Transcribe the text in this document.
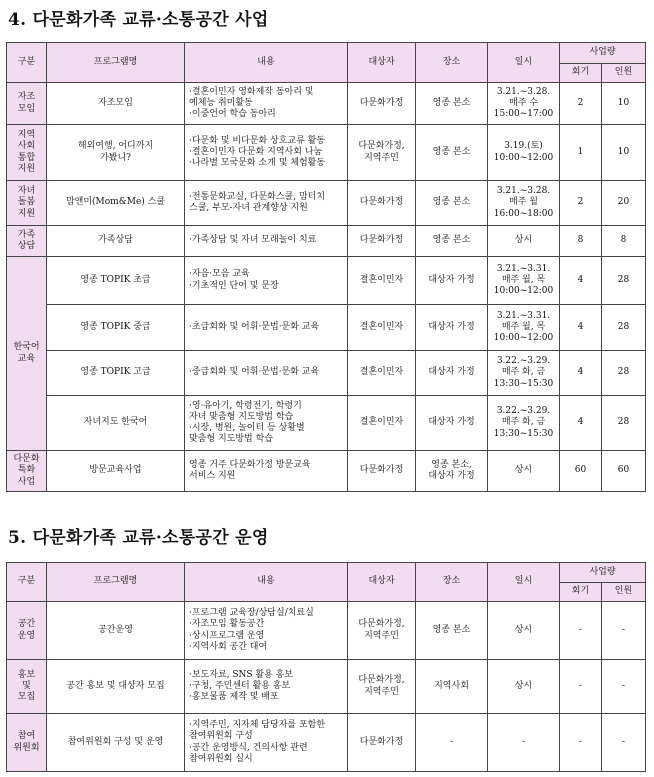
4. 다문화가족 교류·소통공간 사업
구분	프로그램명	내용	대상자	장소	일시	사업량	
						회기	인원
자조
모임	자조모임	·결혼이민자 영화제작 동아리 및
예체능 취미활동
·이중언어 학습 동아리	다문화가정	영종 본소	3.21.~3.28.
매주 수
15:00~17:00	2	10
지역
사회
통합
지원	해외여행, 어디까지
가봤니?	·다문화 및 비다문화 상호교류 활동
·결혼이민자 다문화 지역사회 나눔
·나라별 모국문화 소개 및 체험활동	다문화가정,
지역주민	영종 본소	3.19.(토)
10:00~12:00	1	10
자녀
돌봄
지원	맘앤미(Mom&Me) 스쿨	·전통문화교실, 다문화스쿨, 맘터치
스쿨, 부모-자녀 관계향상 지원	다문화가정	영종 본소	3.21.~3.28.
매주 월
16:00~18:00	2	20
가족
상담	가족상담	·가족상담 및 자녀 모래놀이 치료	다문화가정	영종 본소	상시	8	8
한국어
교육	영종 TOPIK 초급	·자음·모음 교육
·기초적인 단어 및 문장	결혼이민자	대상자 가정	3.21.~3.31.
매주 월, 목
10:00~12:00	4	28
	영종 TOPIK 중급	·초급회화 및 어휘·문법·문화 교육	결혼이민자	대상자 가정	3.21.~3.31.
매주 월, 목
10:00~12:00	4	28
	영종 TOPIK 고급	·중급회화 및 어휘·문법·문화 교육	결혼이민자	대상자 가정	3.22.~3.29.
매주 화, 금
13:30~15:30	4	28
	자녀지도 한국어	·영·유아기, 학령전기, 학령기
자녀 맞춤형 지도방법 학습
·시장, 병원, 놀이터 등 상황별
맞춤형 지도방법 학습	결혼이민자	대상자 가정	3.22.~3.29.
매주 화, 금
13:30~15:30	4	28
다문화
특화
사업	방문교육사업	영종 거주 다문화가정 방문교육
서비스 지원	다문화가정	영종 본소,
대상자 가정	상시	60	60
5. 다문화가족 교류·소통공간 운영
구분	프로그램명	내용	대상자	장소	일시	사업량	
						회기	인원
공간
운영	공간운영	·프로그램 교육장/상담실/치료실
·자조모임 활동공간
·상시프로그램 운영
·지역사회 공간 대여	다문화가정,
지역주민	영종 본소	상시	-	-
홍보
및
모집	공간 홍보 및 대상자 모집	·보도자료, SNS 활용 홍보
·구청, 주민센터 활용 홍보
·홍보물품 제작 및 배포	다문화가정,
지역주민	지역사회	상시	-	-
참여
위원회	참여위원회 구성 및 운영	·지역주민, 지자체 담당자를 포함한
참여위원회 구성
·공간 운영방식, 건의사항 관련
참여위원회 실시	다문화가정	-	-	-	-
